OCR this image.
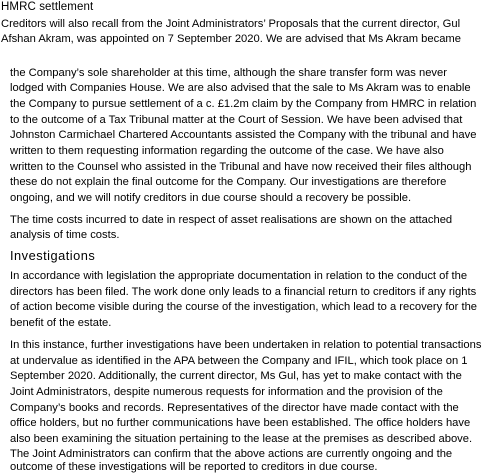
HMRC settlement
Creditors will also recall from the Joint Administrators’ Proposals that the current director, Gul
Afshan Akram, was appointed on 7 September 2020. We are advised that Ms Akram became
the Company’s sole shareholder at this time, although the share transfer form was never
lodged with Companies House. We are also advised that the sale to Ms Akram was to enable
the Company to pursue settlement of a c. £1.2m claim by the Company from HMRC in relation
to the outcome of a Tax Tribunal matter at the Court of Session. We have been advised that
Johnston Carmichael Chartered Accountants assisted the Company with the tribunal and have
written to them requesting information regarding the outcome of the case. We have also
written to the Counsel who assisted in the Tribunal and have now received their files although
these do not explain the final outcome for the Company. Our investigations are therefore
ongoing, and we will notify creditors in due course should a recovery be possible.
The time costs incurred to date in respect of asset realisations are shown on the attached
analysis of time costs.
Investigations
In accordance with legislation the appropriate documentation in relation to the conduct of the
directors has been filed. The work done only leads to a financial return to creditors if any rights
of action become visible during the course of the investigation, which lead to a recovery for the
benefit of the estate.
In this instance, further investigations have been undertaken in relation to potential transactions
at undervalue as identified in the APA between the Company and IFIL, which took place on 1
September 2020. Additionally, the current director, Ms Gul, has yet to make contact with the
Joint Administrators, despite numerous requests for information and the provision of the
Company’s books and records. Representatives of the director have made contact with the
office holders, but no further communications have been established. The office holders have
also been examining the situation pertaining to the lease at the premises as described above.
The Joint Administrators can confirm that the above actions are currently ongoing and the
outcome of these investigations will be reported to creditors in due course.
